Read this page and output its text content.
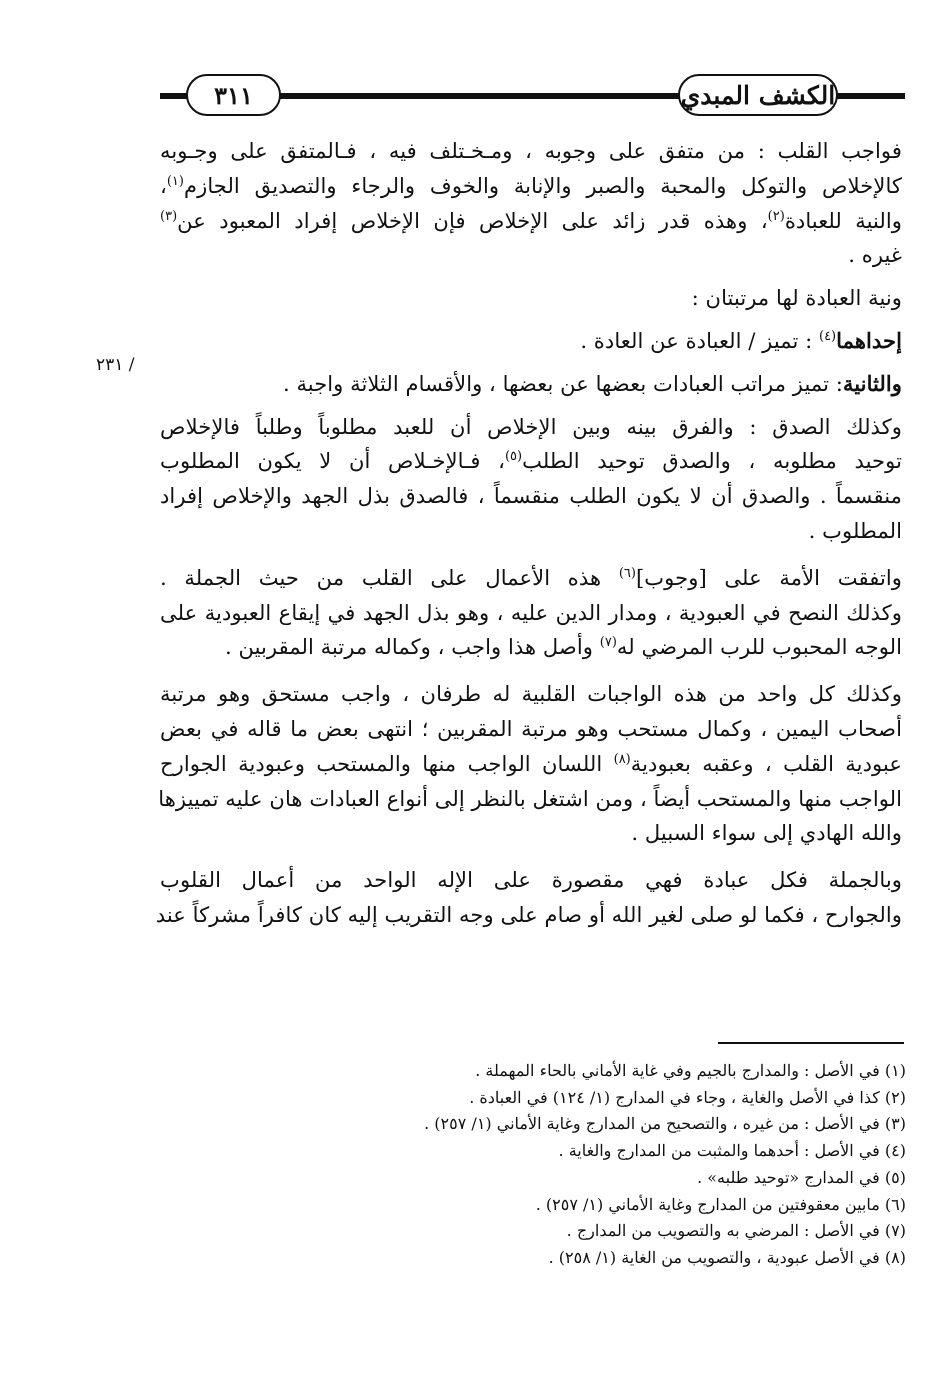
الكشف المبدي
٣١١
/ ٢٣١
فواجب القلب : من متفق على وجوبه ، ومـخـتلف فيه ، فـالمتفق على وجـوبه
كالإخلاص والتوكل والمحبة والصبر والإنابة والخوف والرجاء والتصديق الجازم$^{(١)}$،
والنية للعبادة$^{(٢)}$، وهذه قدر زائد على الإخلاص فإن الإخلاص إفراد المعبود عن$^{(٣)}$
غيره .
ونية العبادة لها مرتبتان :
إحداهما$^{(٤)}$ : تميز / العبادة عن العادة .
والثانية: تميز مراتب العبادات بعضها عن بعضها ، والأقسام الثلاثة واجبة .
وكذلك الصدق : والفرق بينه وبين الإخلاص أن للعبد مطلوباً وطلباً فالإخلاص
توحيد مطلوبه ، والصدق توحيد الطلب$^{(٥)}$، فـالإخـلاص أن لا يكون المطلوب
منقسماً . والصدق أن لا يكون الطلب منقسماً ، فالصدق بذل الجهد والإخلاص إفراد
المطلوب .
واتفقت الأمة على [وجوب]$^{(٦)}$ هذه الأعمال على القلب من حيث الجملة .
وكذلك النصح في العبودية ، ومدار الدين عليه ، وهو بذل الجهد في إيقاع العبودية على
الوجه المحبوب للرب المرضي له$^{(٧)}$ وأصل هذا واجب ، وكماله مرتبة المقربين .
وكذلك كل واحد من هذه الواجبات القلبية له طرفان ، واجب مستحق وهو مرتبة
أصحاب اليمين ، وكمال مستحب وهو مرتبة المقربين ؛ انتهى بعض ما قاله في بعض
عبودية القلب ، وعقبه بعبودية$^{(٨)}$ اللسان الواجب منها والمستحب وعبودية الجوارح
الواجب منها والمستحب أيضاً ، ومن اشتغل بالنظر إلى أنواع العبادات هان عليه تمييزها
والله الهادي إلى سواء السبيل .
وبالجملة فكل عبادة فهي مقصورة على الإله الواحد من أعمال القلوب
والجوارح ، فكما لو صلى لغير الله أو صام على وجه التقريب إليه كان كافراً مشركاً عند
(١) في الأصل : والمدارج بالجيم وفي غاية الأماني بالحاء المهملة .
(٢) كذا في الأصل والغاية ، وجاء في المدارج (١/ ١٢٤) في العبادة .
(٣) في الأصل : من غيره ، والتصحيح من المدارج وغاية الأماني (١/ ٢٥٧) .
(٤) في الأصل : أحدهما والمثبت من المدارج والغاية .
(٥) في المدارج «توحيد طلبه» .
(٦) مابين معقوفتين من المدارج وغاية الأماني (١/ ٢٥٧) .
(٧) في الأصل : المرضي به والتصويب من المدارج .
(٨) في الأصل عبودية ، والتصويب من الغاية (١/ ٢٥٨) .
